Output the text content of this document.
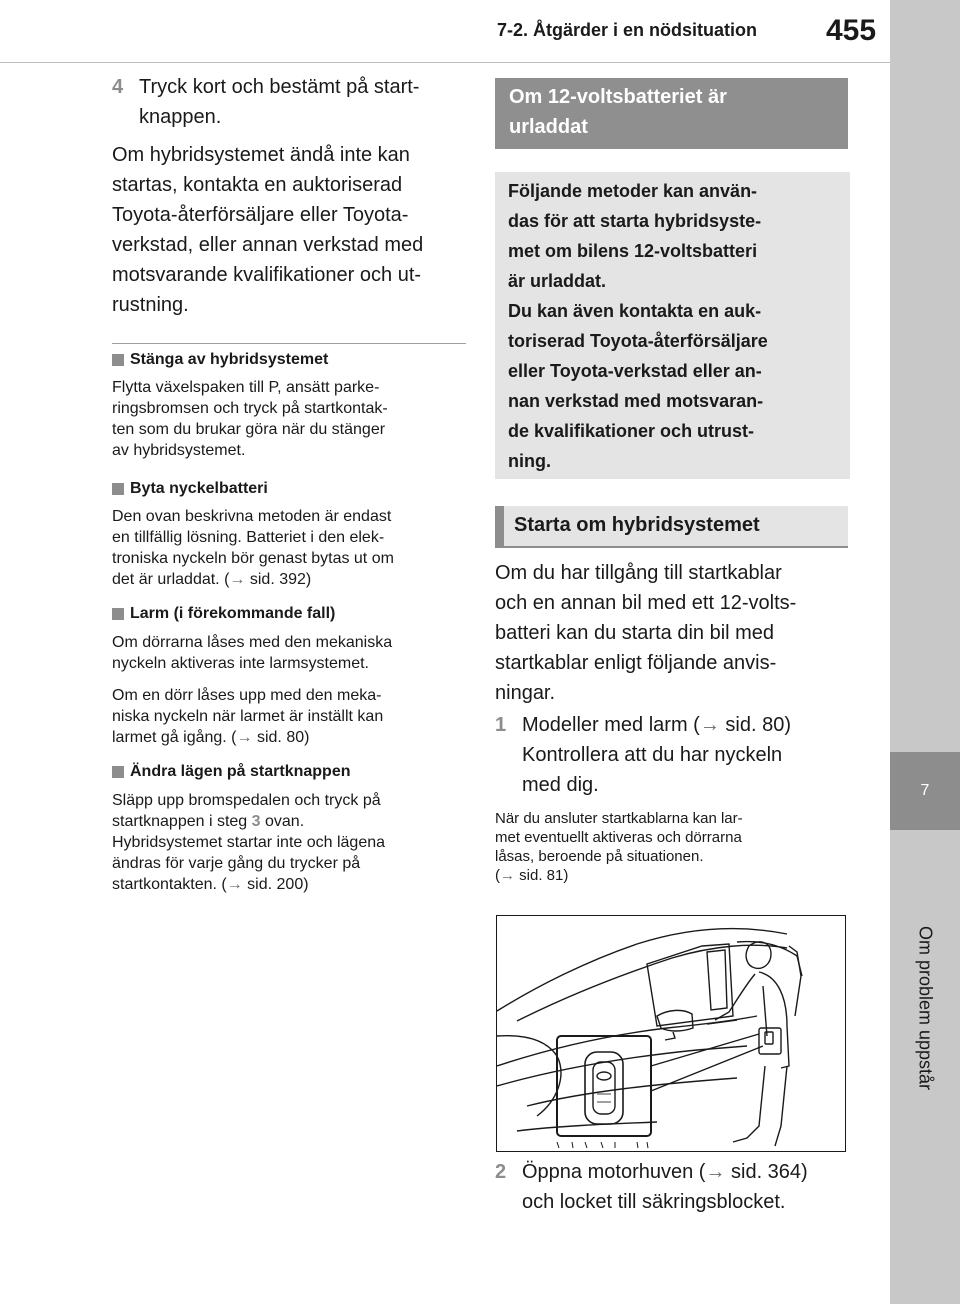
7-2. Åtgärder i en nödsituation 455
7
Om problem uppstår
4 Tryck kort och bestämt på start-
knappen.
Om hybridsystemet ändå inte kan
startas, kontakta en auktoriserad
Toyota-återförsäljare eller Toyota-
verkstad, eller annan verkstad med
motsvarande kvalifikationer och ut-
rustning.
Stänga av hybridsystemet
Flytta växelspaken till P, ansätt parke-
ringsbromsen och tryck på startkontak-
ten som du brukar göra när du stänger
av hybridsystemet.
Byta nyckelbatteri
Den ovan beskrivna metoden är endast
en tillfällig lösning. Batteriet i den elek-
troniska nyckeln bör genast bytas ut om
det är urladdat. (→ sid. 392)
Larm (i förekommande fall)
Om dörrarna låses med den mekaniska
nyckeln aktiveras inte larmsystemet.
Om en dörr låses upp med den meka-
niska nyckeln när larmet är inställt kan
larmet gå igång. (→ sid. 80)
Ändra lägen på startknappen
Släpp upp bromspedalen och tryck på
startknappen i steg 3 ovan.
Hybridsystemet startar inte och lägena
ändras för varje gång du trycker på
startkontakten. (→ sid. 200)
Om 12-voltsbatteriet är
urladdat
Följande metoder kan använ-
das för att starta hybridsyste-
met om bilens 12-voltsbatteri
är urladdat.
Du kan även kontakta en auk-
toriserad Toyota-återförsäljare
eller Toyota-verkstad eller an-
nan verkstad med motsvaran-
de kvalifikationer och utrust-
ning.
Starta om hybridsystemet
Om du har tillgång till startkablar
och en annan bil med ett 12-volts-
batteri kan du starta din bil med
startkablar enligt följande anvis-
ningar.
1 Modeller med larm (→ sid. 80)
Kontrollera att du har nyckeln
med dig.
När du ansluter startkablarna kan lar-
met eventuellt aktiveras och dörrarna
låsas, beroende på situationen.
(→ sid. 81)
2 Öppna motorhuven (→ sid. 364)
och locket till säkringsblocket.
